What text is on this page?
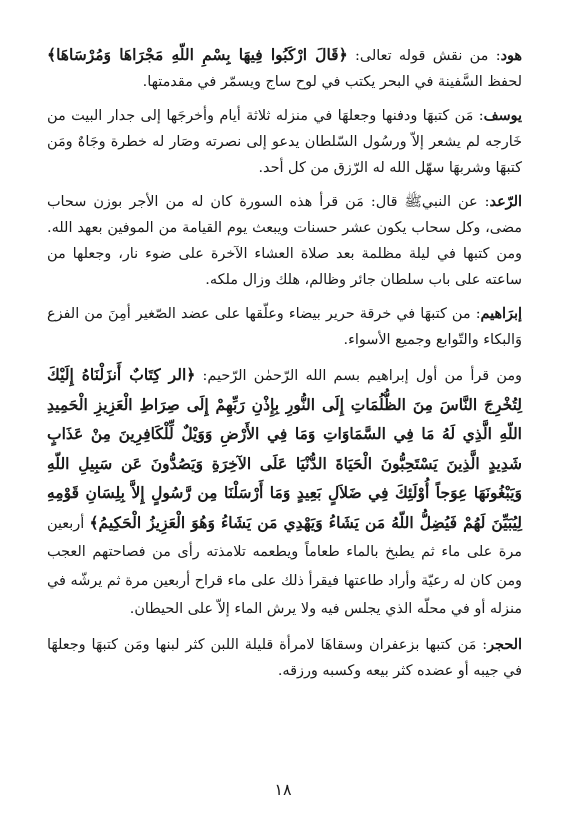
هود: من نقش قوله تعالى: ﴿قَالَ ارْكَبُوا فِيهَا بِسْمِ اللّهِ مَجْرَاهَا وَمُرْسَاهَا﴾ لحفظ السَّفينة في البحر يكتب في لوح ساج ويسمّر في مقدمتها.

يوسف: مَن كتبهَا ودفنها وجعلهَا في منزله ثلاثة أيام وأخرجَها إلى جدار البيت من خَارجه لم يشعر إلاّ ورسُول السّلطان يدعو إلى نصرته وصَار له خطرة وجَاهٌ ومَن كتبهَا وشربهَا سهّل الله له الرّزق من كل أحد.

الرّعد: عن النبيﷺ قال: مَن قرأ هذه السورة كان له من الأجر بوزن سحاب مضى، وكل سحاب يكون عشر حسنات ويبعث يوم القيامة من الموفين بعهد الله. ومن كتبها في ليلة مظلمة بعد صلاة العشاء الآخرة على ضوء نار، وجعلها من ساعته على باب سلطان جائر وظالم، هلك وزال ملكه.

إبرَاهيم: من كتبهَا في خرقة حرير بيضاء وعلّقها على عضد الصّغير أمِنَ من الفزع وَالبكاء والتّوابع وجميع الأسواء.

ومن قرأ من أول إبراهيم بسم الله الرّحمٰن الرّحيم: ﴿الر كِتَابٌ أَنزَلْنَاهُ إِلَيْكَ لِتُخْرِجَ النَّاسَ مِنَ الظُّلُمَاتِ إِلَى النُّورِ بِإِذْنِ رَبِّهِمْ إِلَى صِرَاطِ الْعَزِيزِ الْحَمِيدِ اللّهِ الَّذِي لَهُ مَا فِي السَّمَاوَاتِ وَمَا فِي الأَرْضِ وَوَيْلٌ لِّلْكَافِرِينَ مِنْ عَذَابٍ شَدِيدٍ الَّذِينَ يَسْتَحِبُّونَ الْحَيَاةَ الدُّنْيَا عَلَى الآخِرَةِ وَيَصُدُّونَ عَن سَبِيلِ اللّهِ وَيَبْغُونَهَا عِوَجاً أُوْلَئِكَ فِي ضَلاَلٍ بَعِيدٍ وَمَا أَرْسَلْنَا مِن رَّسُولٍ إِلاَّ بِلِسَانِ قَوْمِهِ لِيُبَيِّنَ لَهُمْ فَيُضِلُّ اللّهُ مَن يَشَاءُ وَيَهْدِي مَن يَشَاءُ وَهُوَ الْعَزِيزُ الْحَكِيمُ﴾ أربعين مرة على ماء ثم يطبخ بالماء طعاماً ويطعمه تلامذته رأى من فصاحتهم العجب ومن كان له رعيّة وأراد طاعتها فيقرأ ذلك على ماء قراح أربعين مرة ثم يرشّه في منزله أو في محلّه الذي يجلس فيه ولا يرش الماء إلاّ على الحيطان.

الحجر: مَن كتبها بزعفران وسقاهَا لامرأة قليلة اللبن كثر لبنها ومَن كتبهَا وجعلهَا في جيبه أو عضده كثر بيعه وكسبه ورزقه.

١٨
